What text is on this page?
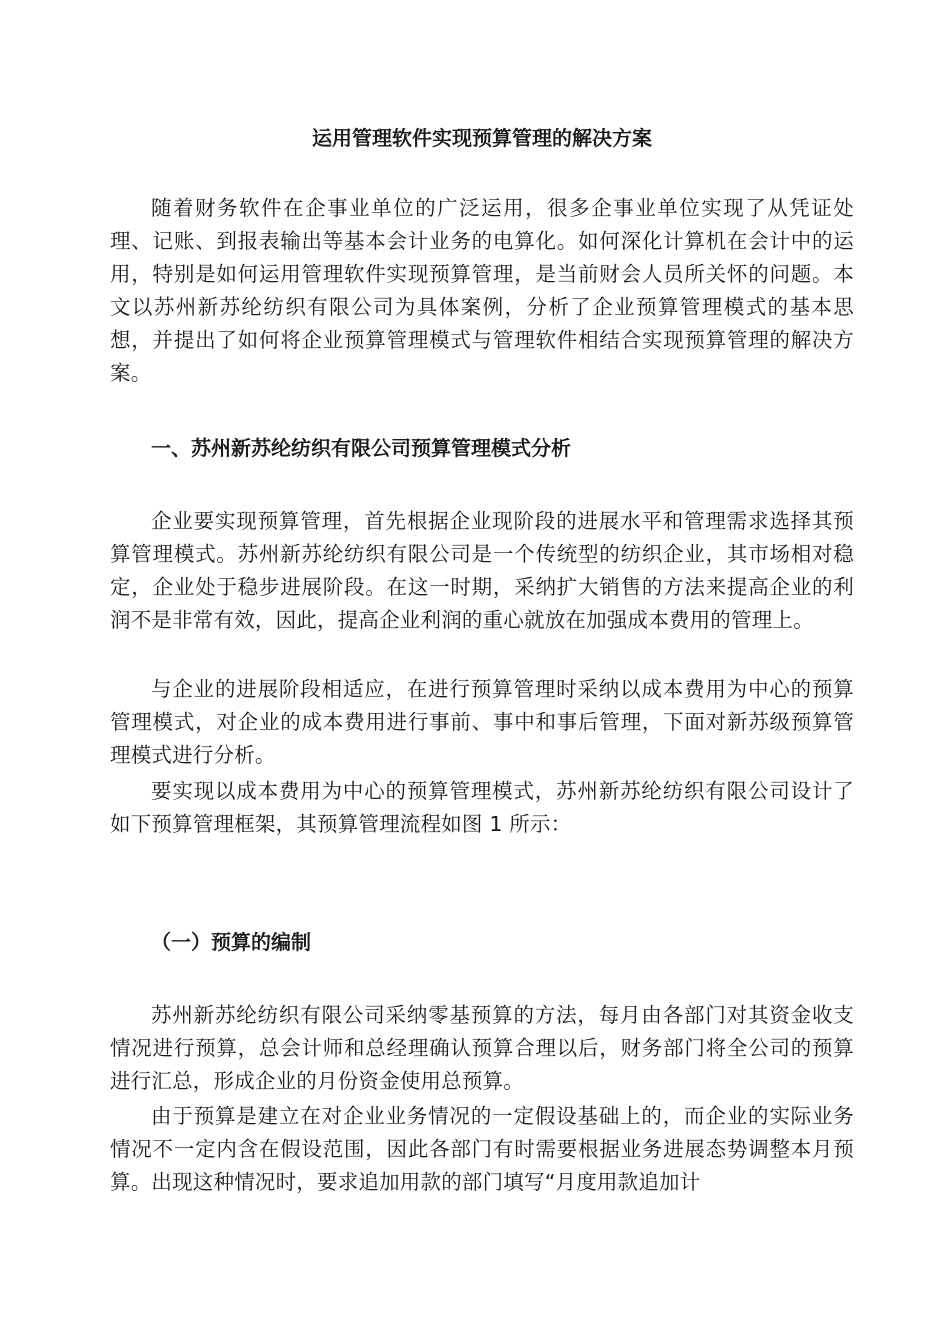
运用管理软件实现预算管理的解决方案

随着财务软件在企事业单位的广泛运用，很多企事业单位实现了从凭证处理、记账、到报表输出等基本会计业务的电算化。如何深化计算机在会计中的运用，特别是如何运用管理软件实现预算管理，是当前财会人员所关怀的问题。本文以苏州新苏纶纺织有限公司为具体案例，分析了企业预算管理模式的基本思想，并提出了如何将企业预算管理模式与管理软件相结合实现预算管理的解决方案。

一、苏州新苏纶纺织有限公司预算管理模式分析

企业要实现预算管理，首先根据企业现阶段的进展水平和管理需求选择其预算管理模式。苏州新苏纶纺织有限公司是一个传统型的纺织企业，其市场相对稳定，企业处于稳步进展阶段。在这一时期，采纳扩大销售的方法来提高企业的利润不是非常有效，因此，提高企业利润的重心就放在加强成本费用的管理上。

与企业的进展阶段相适应，在进行预算管理时采纳以成本费用为中心的预算管理模式，对企业的成本费用进行事前、事中和事后管理，下面对新苏级预算管理模式进行分析。

要实现以成本费用为中心的预算管理模式，苏州新苏纶纺织有限公司设计了如下预算管理框架，其预算管理流程如图 1 所示：

（一）预算的编制

苏州新苏纶纺织有限公司采纳零基预算的方法，每月由各部门对其资金收支情况进行预算，总会计师和总经理确认预算合理以后，财务部门将全公司的预算进行汇总，形成企业的月份资金使用总预算。

由于预算是建立在对企业业务情况的一定假设基础上的，而企业的实际业务情况不一定内含在假设范围，因此各部门有时需要根据业务进展态势调整本月预算。出现这种情况时，要求追加用款的部门填写“月度用款追加计
